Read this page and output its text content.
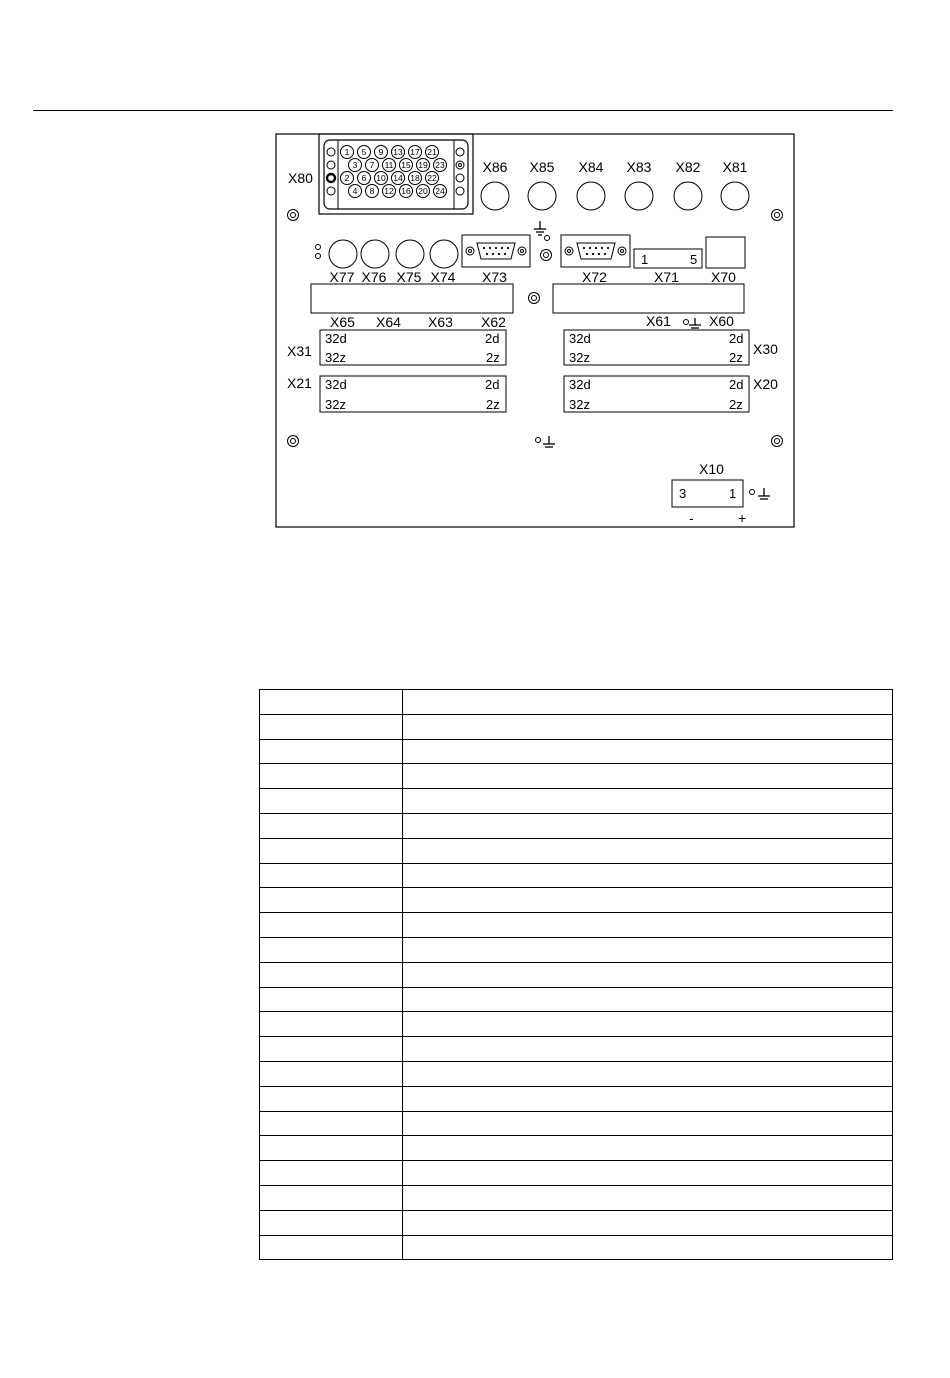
1 5 9 13 17 21
3 7 11 15 19 23
2 6 10 14 18 22
4 8 12 16 20 24
X80
X86 X85 X84 X83 X82 X81
X77 X76 X75 X74 X73	X72
1	5
X71 X70
X65 X64 X63 X62	X61	X60
X31
32d	2d
32z	2z
X21 32d	2d
32z	2z
32d	2d
32z	2z
X30
32d	2d
32z	2z
X20
X10
3	1
-	+
